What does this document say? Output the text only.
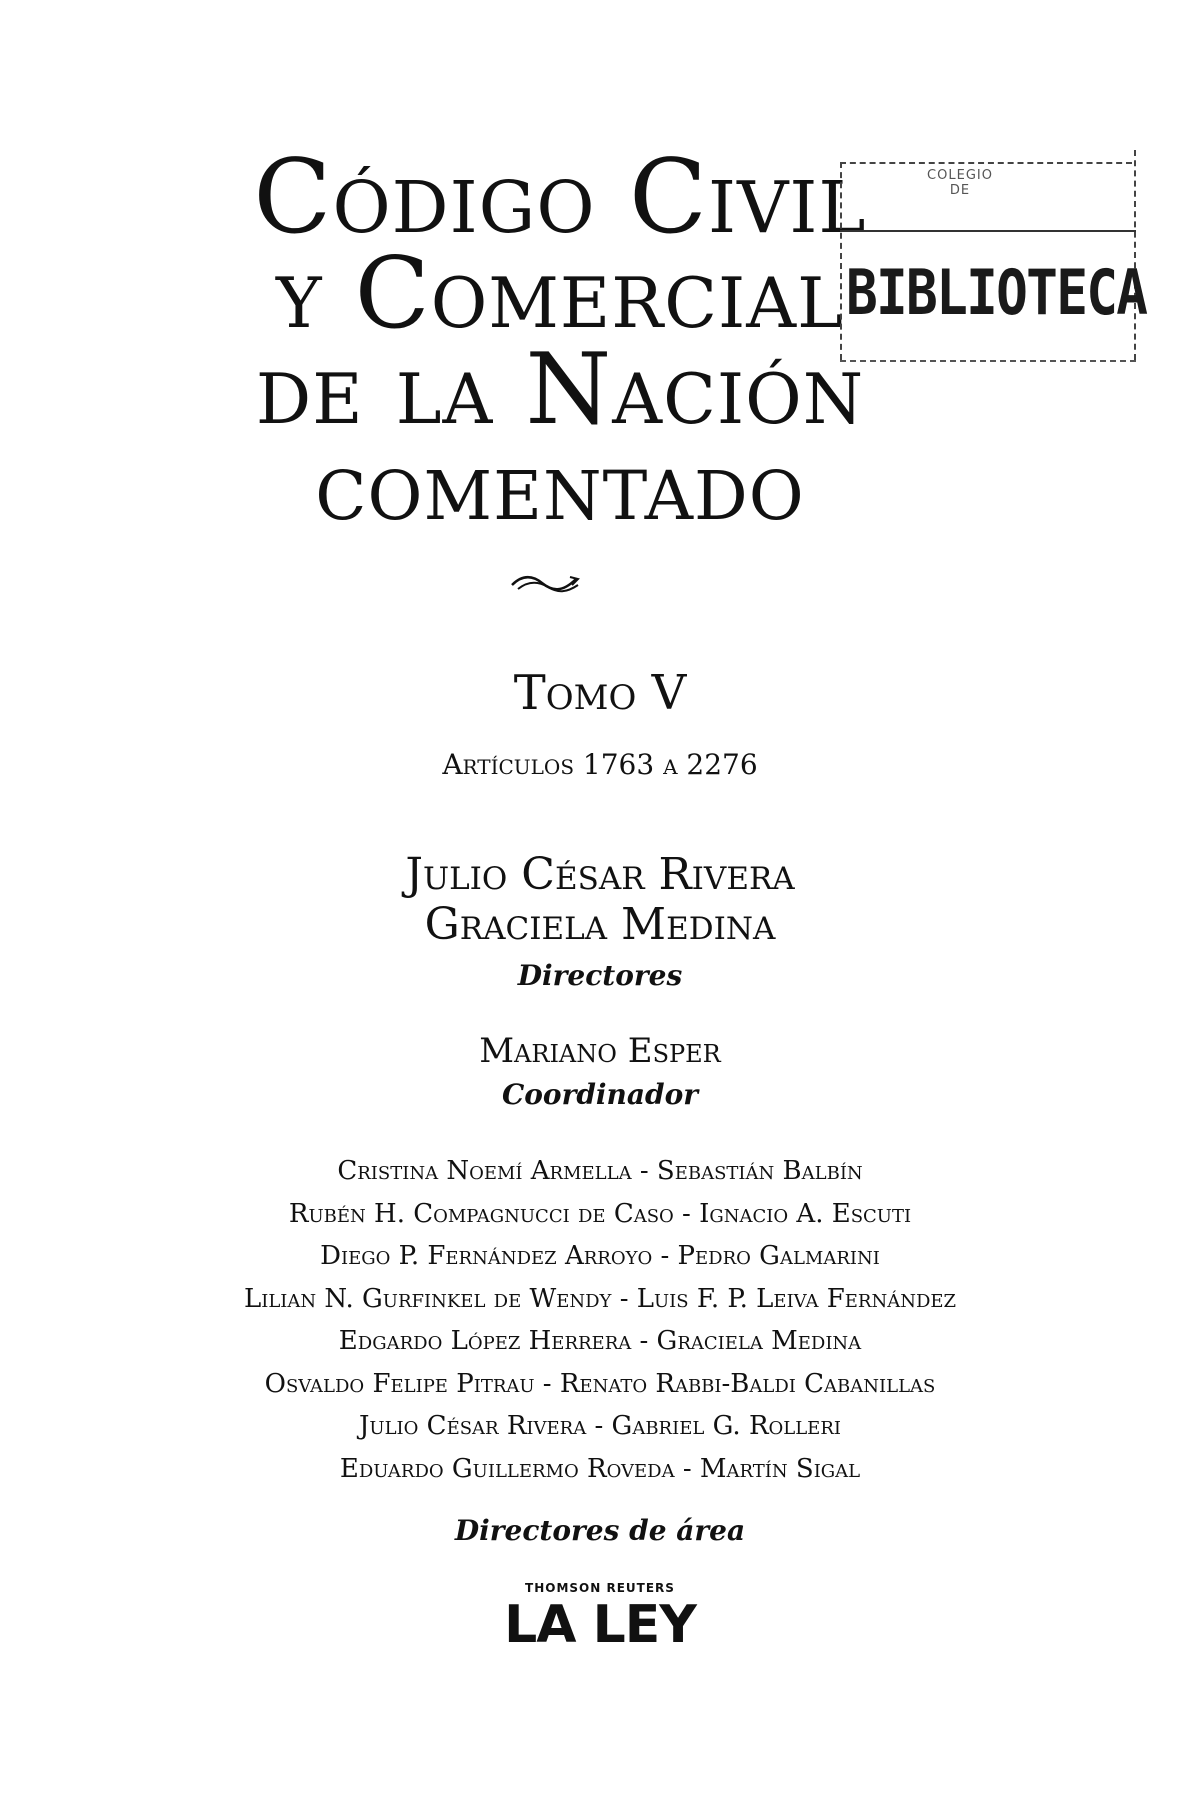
Código Civil
y Comercial
de la Nación
comentado
COLEGIO
DE
BIBLIOTECA
Tomo V
Artículos 1763 a 2276
Julio César Rivera
Graciela Medina
Directores
Mariano Esper
Coordinador
Cristina Noemí Armella - Sebastián Balbín
Rubén H. Compagnucci de Caso - Ignacio A. Escuti
Diego P. Fernández Arroyo - Pedro Galmarini
Lilian N. Gurfinkel de Wendy - Luis F. P. Leiva Fernández
Edgardo López Herrera - Graciela Medina
Osvaldo Felipe Pitrau - Renato Rabbi-Baldi Cabanillas
Julio César Rivera - Gabriel G. Rolleri
Eduardo Guillermo Roveda - Martín Sigal
Directores de área
THOMSON REUTERS
LA LEY
